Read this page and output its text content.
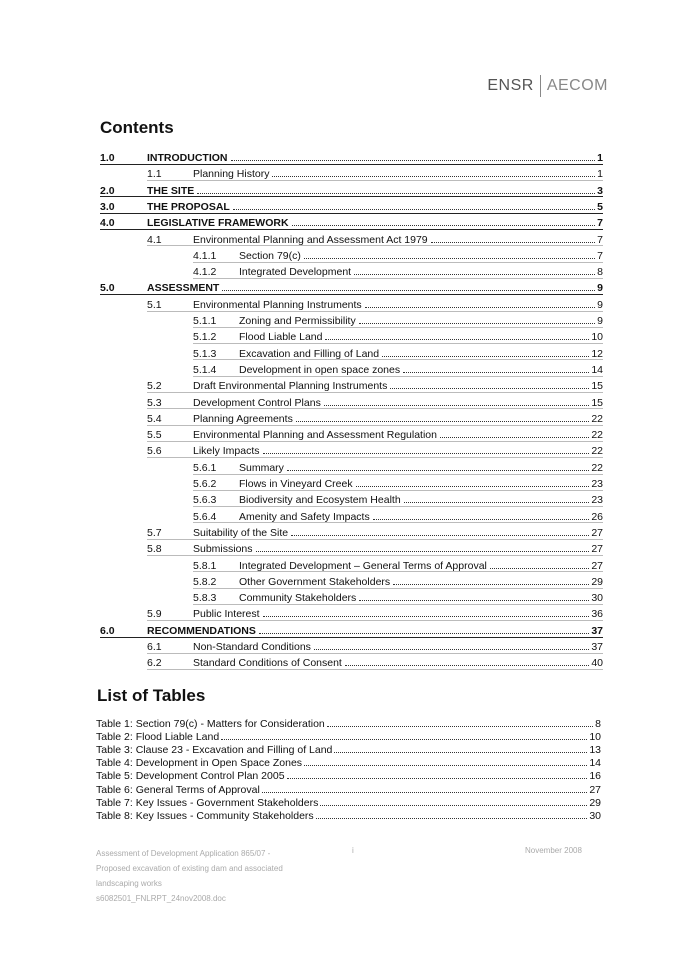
ENSR AECOM
Contents
1.0	INTRODUCTION	1
1.1	Planning History	1
2.0	THE SITE	3
3.0	THE PROPOSAL	5
4.0	LEGISLATIVE FRAMEWORK	7
4.1	Environmental Planning and Assessment Act 1979	7
4.1.1 Section 79(c)	7
4.1.2 Integrated Development	8
5.0	ASSESSMENT	9
5.1	Environmental Planning Instruments	9
5.1.1 Zoning and Permissibility	9
5.1.2 Flood Liable Land	10
5.1.3 Excavation and Filling of Land	12
5.1.4 Development in open space zones	14
5.2	Draft Environmental Planning Instruments	15
5.3	Development Control Plans	15
5.4	Planning Agreements	22
5.5	Environmental Planning and Assessment Regulation	22
5.6	Likely Impacts	22
5.6.1 Summary	22
5.6.2 Flows in Vineyard Creek	23
5.6.3 Biodiversity and Ecosystem Health	23
5.6.4 Amenity and Safety Impacts	26
5.7	Suitability of the Site	27
5.8	Submissions	27
5.8.1 Integrated Development – General Terms of Approval	27
5.8.2 Other Government Stakeholders	29
5.8.3 Community Stakeholders	30
5.9	Public Interest	36
6.0	RECOMMENDATIONS	37
6.1	Non-Standard Conditions	37
6.2	Standard Conditions of Consent	40
List of Tables
Table 1: Section 79(c) - Matters for Consideration	8
Table 2: Flood Liable Land	10
Table 3: Clause 23 - Excavation and Filling of Land	13
Table 4: Development in Open Space Zones	14
Table 5: Development Control Plan 2005	16
Table 6: General Terms of Approval	27
Table 7: Key Issues - Government Stakeholders	29
Table 8: Key Issues - Community Stakeholders	30
Assessment of Development Application 865/07 -
Proposed excavation of existing dam and associated
landscaping works
s6082501_FNLRPT_24nov2008.doc
i	November 2008
